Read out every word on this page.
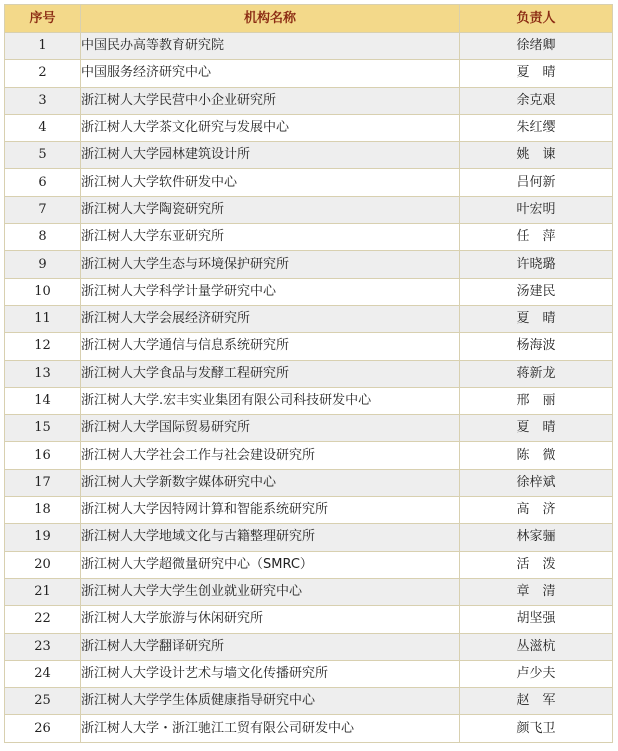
序号	机构名称	负责人
1	中国民办高等教育研究院	徐绪卿
2	中国服务经济研究中心	夏　晴
3	浙江树人大学民营中小企业研究所	余克艰
4	浙江树人大学茶文化研究与发展中心	朱红缨
5	浙江树人大学园林建筑设计所	姚　谏
6	浙江树人大学软件研发中心	吕何新
7	浙江树人大学陶瓷研究所	叶宏明
8	浙江树人大学东亚研究所	任　萍
9	浙江树人大学生态与环境保护研究所	许晓璐
10	浙江树人大学科学计量学研究中心	汤建民
11	浙江树人大学会展经济研究所	夏　晴
12	浙江树人大学通信与信息系统研究所	杨海波
13	浙江树人大学食品与发酵工程研究所	蒋新龙
14	浙江树人大学.宏丰实业集团有限公司科技研发中心	邢　丽
15	浙江树人大学国际贸易研究所	夏　晴
16	浙江树人大学社会工作与社会建设研究所	陈　微
17	浙江树人大学新数字媒体研究中心	徐梓斌
18	浙江树人大学因特网计算和智能系统研究所	高　济
19	浙江树人大学地域文化与古籍整理研究所	林家骊
20	浙江树人大学超微量研究中心（SMRC）	活　泼
21	浙江树人大学大学生创业就业研究中心	章　清
22	浙江树人大学旅游与休闲研究所	胡坚强
23	浙江树人大学翻译研究所	丛滋杭
24	浙江树人大学设计艺术与墙文化传播研究所	卢少夫
25	浙江树人大学学生体质健康指导研究中心	赵　军
26	浙江树人大学・浙江驰江工贸有限公司研发中心	颜飞卫
